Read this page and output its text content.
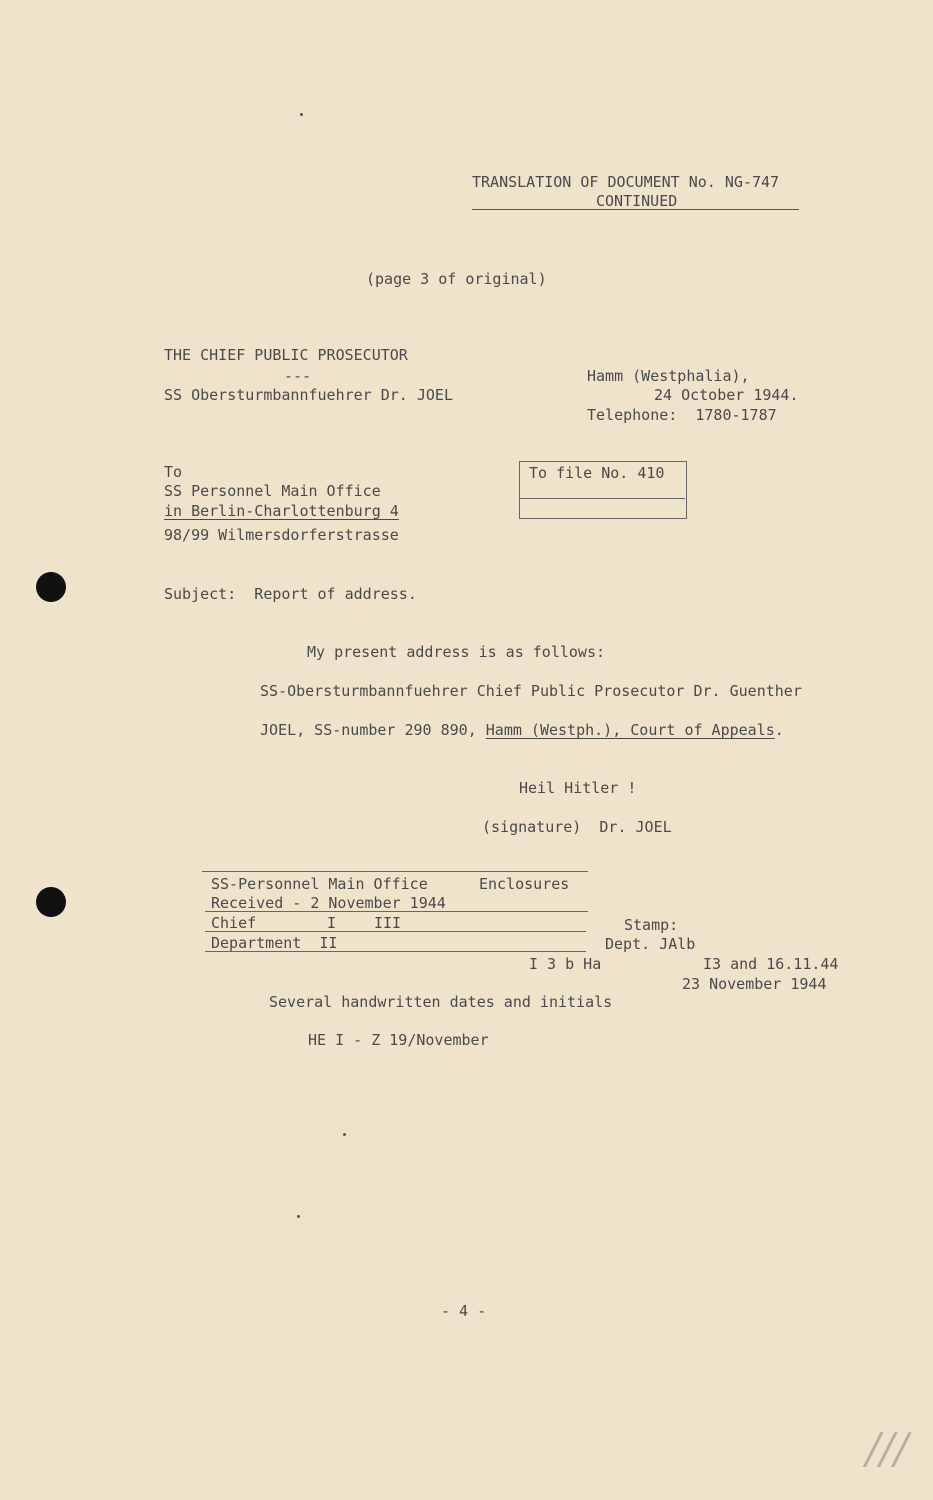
TRANSLATION OF DOCUMENT No. NG-747
CONTINUED
(page 3 of original)
THE CHIEF PUBLIC PROSECUTOR
---
SS Obersturmbannfuehrer Dr. JOEL
Hamm (Westphalia),
24 October 1944.
Telephone:  1780-1787
To
SS Personnel Main Office
in Berlin-Charlottenburg 4
98/99 Wilmersdorferstrasse
To file No. 410
Subject:  Report of address.
My present address is as follows:
SS-Obersturmbannfuehrer Chief Public Prosecutor Dr. Guenther
JOEL, SS-number 290 890, Hamm (Westph.), Court of Appeals.
Heil Hitler !
(signature)  Dr. JOEL
SS-Personnel Main Office	Enclosures
Received - 2 November 1944
Chief	I	III
Department  II
I 3 b Ha
Stamp:
Dept. JAlb
I3 and 16.11.44
23 November 1944
Several handwritten dates and initials
HE I - Z 19/November
- 4 -
///
